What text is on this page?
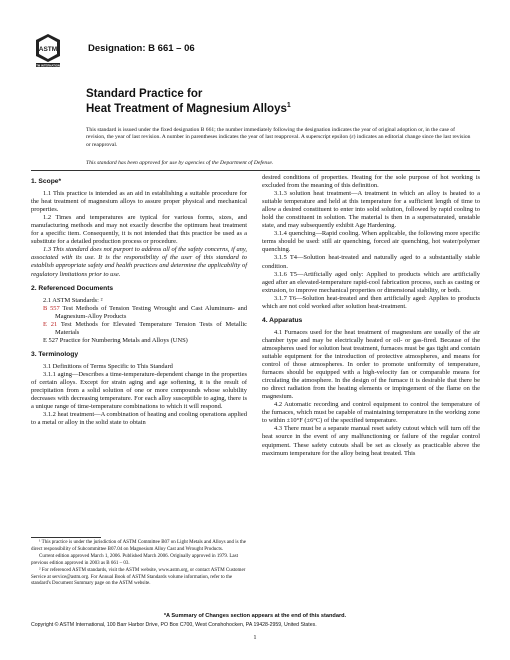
ASTM
ASTM INTERNATIONAL
Designation: B 661 – 06
Standard Practice for
Heat Treatment of Magnesium Alloys$^1$
This standard is issued under the fixed designation B 661; the number immediately following the designation indicates the year of original adoption or, in the case of revision, the year of last revision. A number in parentheses indicates the year of last reapproval. A superscript epsilon (ε) indicates an editorial change since the last revision or reapproval.
This standard has been approved for use by agencies of the Department of Defense.
1. Scope*

1.1 This practice is intended as an aid in establishing a suitable procedure for the heat treatment of magnesium alloys to assure proper physical and mechanical properties.

1.2 Times and temperatures are typical for various forms, sizes, and manufacturing methods and may not exactly describe the optimum heat treatment for a specific item. Consequently, it is not intended that this practice be used as a substitute for a detailed production process or procedure.

1.3 This standard does not purport to address all of the safety concerns, if any, associated with its use. It is the responsibility of the user of this standard to establish appropriate safety and health practices and determine the applicability of regulatory limitations prior to use.

2. Referenced Documents

2.1 ASTM Standards: ²

B 557 Test Methods of Tension Testing Wrought and Cast Aluminum- and Magnesium-Alloy Products

E 21 Test Methods for Elevated Temperature Tension Tests of Metallic Materials

E 527 Practice for Numbering Metals and Alloys (UNS)

3. Terminology

3.1 Definitions of Terms Specific to This Standard

3.1.1 aging—Describes a time-temperature-dependent change in the properties of certain alloys. Except for strain aging and age softening, it is the result of precipitation from a solid solution of one or more compounds whose solubility decreases with decreasing temperature. For each alloy susceptible to aging, there is a unique range of time-temperature combinations to which it will respond.

3.1.2 heat treatment—A combination of heating and cooling operations applied to a metal or alloy in the solid state to obtain

¹ This practice is under the jurisdiction of ASTM Committee B07 on Light Metals and Alloys and is the direct responsibility of Subcommittee B07.04 on Magnesium Alloy Cast and Wrought Products.

Current edition approved March 1, 2006. Published March 2006. Originally approved in 1979. Last previous edition approved in 2003 as B 661 – 03.

² For referenced ASTM standards, visit the ASTM website, www.astm.org, or contact ASTM Customer Service at service@astm.org. For Annual Book of ASTM Standards volume information, refer to the standard's Document Summary page on the ASTM website.

desired conditions of properties. Heating for the sole purpose of hot working is excluded from the meaning of this definition.

3.1.3 solution heat treatment—A treatment in which an alloy is heated to a suitable temperature and held at this temperature for a sufficient length of time to allow a desired constituent to enter into solid solution, followed by rapid cooling to hold the constituent in solution. The material is then in a supersaturated, unstable state, and may subsequently exhibit Age Hardening.

3.1.4 quenching—Rapid cooling. When applicable, the following more specific terms should be used: still air quenching, forced air quenching, hot water/polymer quenching.

3.1.5 T4—Solution heat-treated and naturally aged to a substantially stable condition.

3.1.6 T5—Artificially aged only: Applied to products which are artificially aged after an elevated-temperature rapid-cool fabrication process, such as casting or extrusion, to improve mechanical properties or dimensional stability, or both.

3.1.7 T6—Solution heat-treated and then artificially aged: Applies to products which are not cold worked after solution heat-treatment.

4. Apparatus

4.1 Furnaces used for the heat treatment of magnesium are usually of the air chamber type and may be electrically heated or oil- or gas-fired. Because of the atmospheres used for solution heat treatment, furnaces must be gas tight and contain suitable equipment for the introduction of protective atmospheres, and means for control of those atmospheres. In order to promote uniformity of temperature, furnaces should be equipped with a high-velocity fan or comparable means for circulating the atmosphere. In the design of the furnace it is desirable that there be no direct radiation from the heating elements or impingement of the flame on the magnesium.

4.2 Automatic recording and control equipment to control the temperature of the furnaces, which must be capable of maintaining temperature in the working zone to within ±10°F (±6°C) of the specified temperature.

4.3 There must be a separate manual reset safety cutout which will turn off the heat source in the event of any malfunctioning or failure of the regular control equipment. These safety cutouts shall be set as closely as practicable above the maximum temperature for the alloy being heat treated. This

*A Summary of Changes section appears at the end of this standard.
Copyright © ASTM International, 100 Barr Harbor Drive, PO Box C700, West Conshohocken, PA 19428-2959, United States.
1
